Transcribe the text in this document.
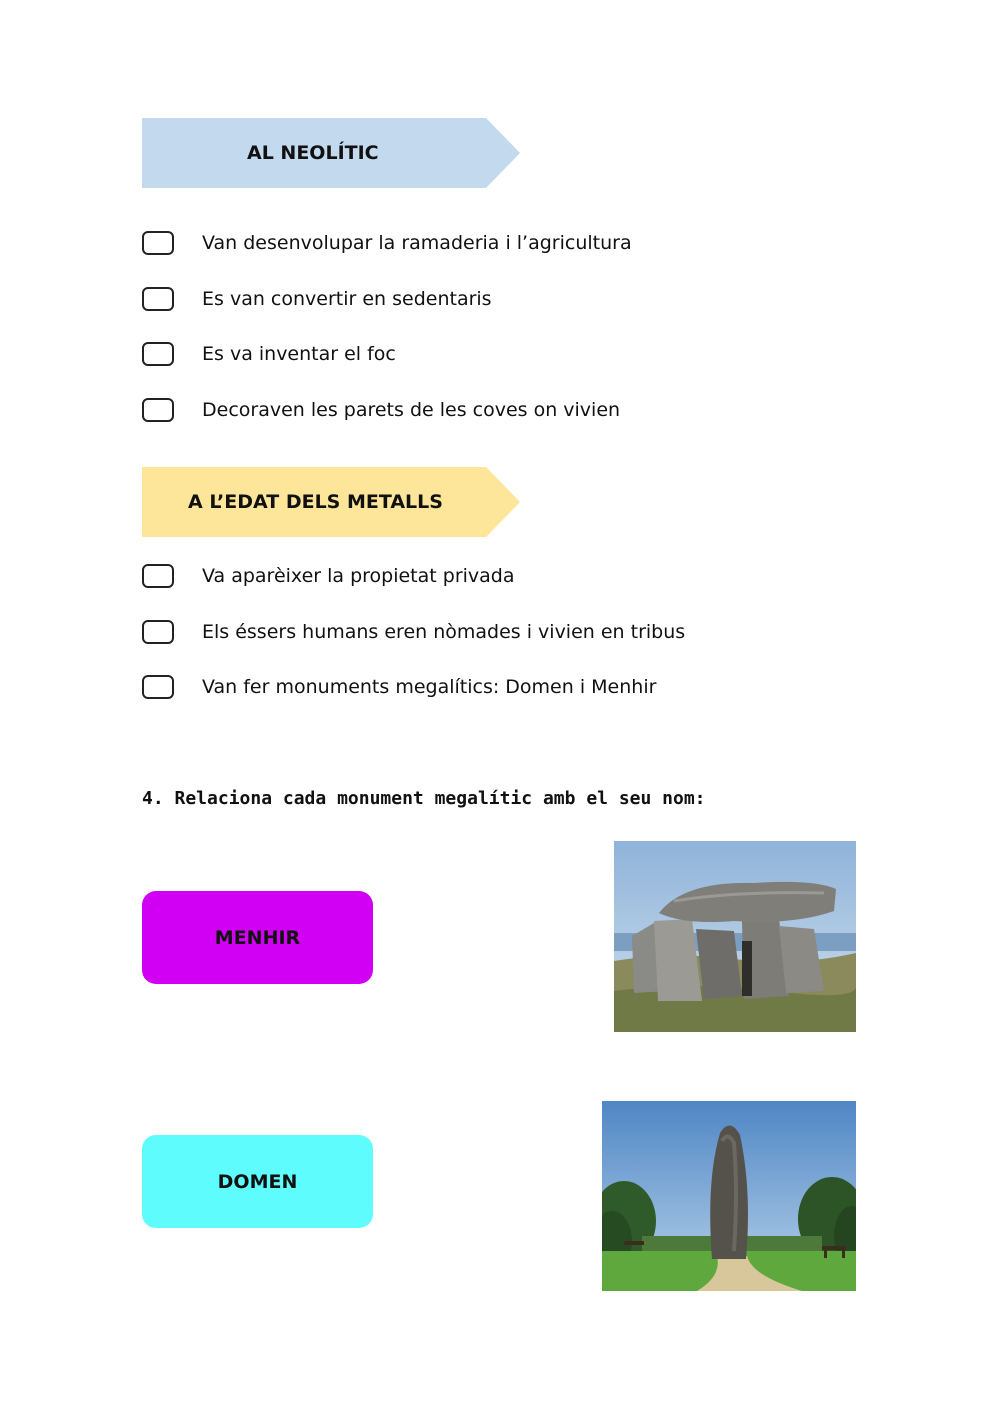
AL NEOLÍTIC
Van desenvolupar la ramaderia i l’agricultura
Es van convertir en sedentaris
Es va inventar el foc
Decoraven les parets de les coves on vivien
A L’EDAT DELS METALLS
Va aparèixer la propietat privada
Els éssers humans eren nòmades i vivien en tribus
Van fer monuments megalítics: Domen i Menhir
4. Relaciona cada monument megalític amb el seu nom:
MENHIR
DOMEN
